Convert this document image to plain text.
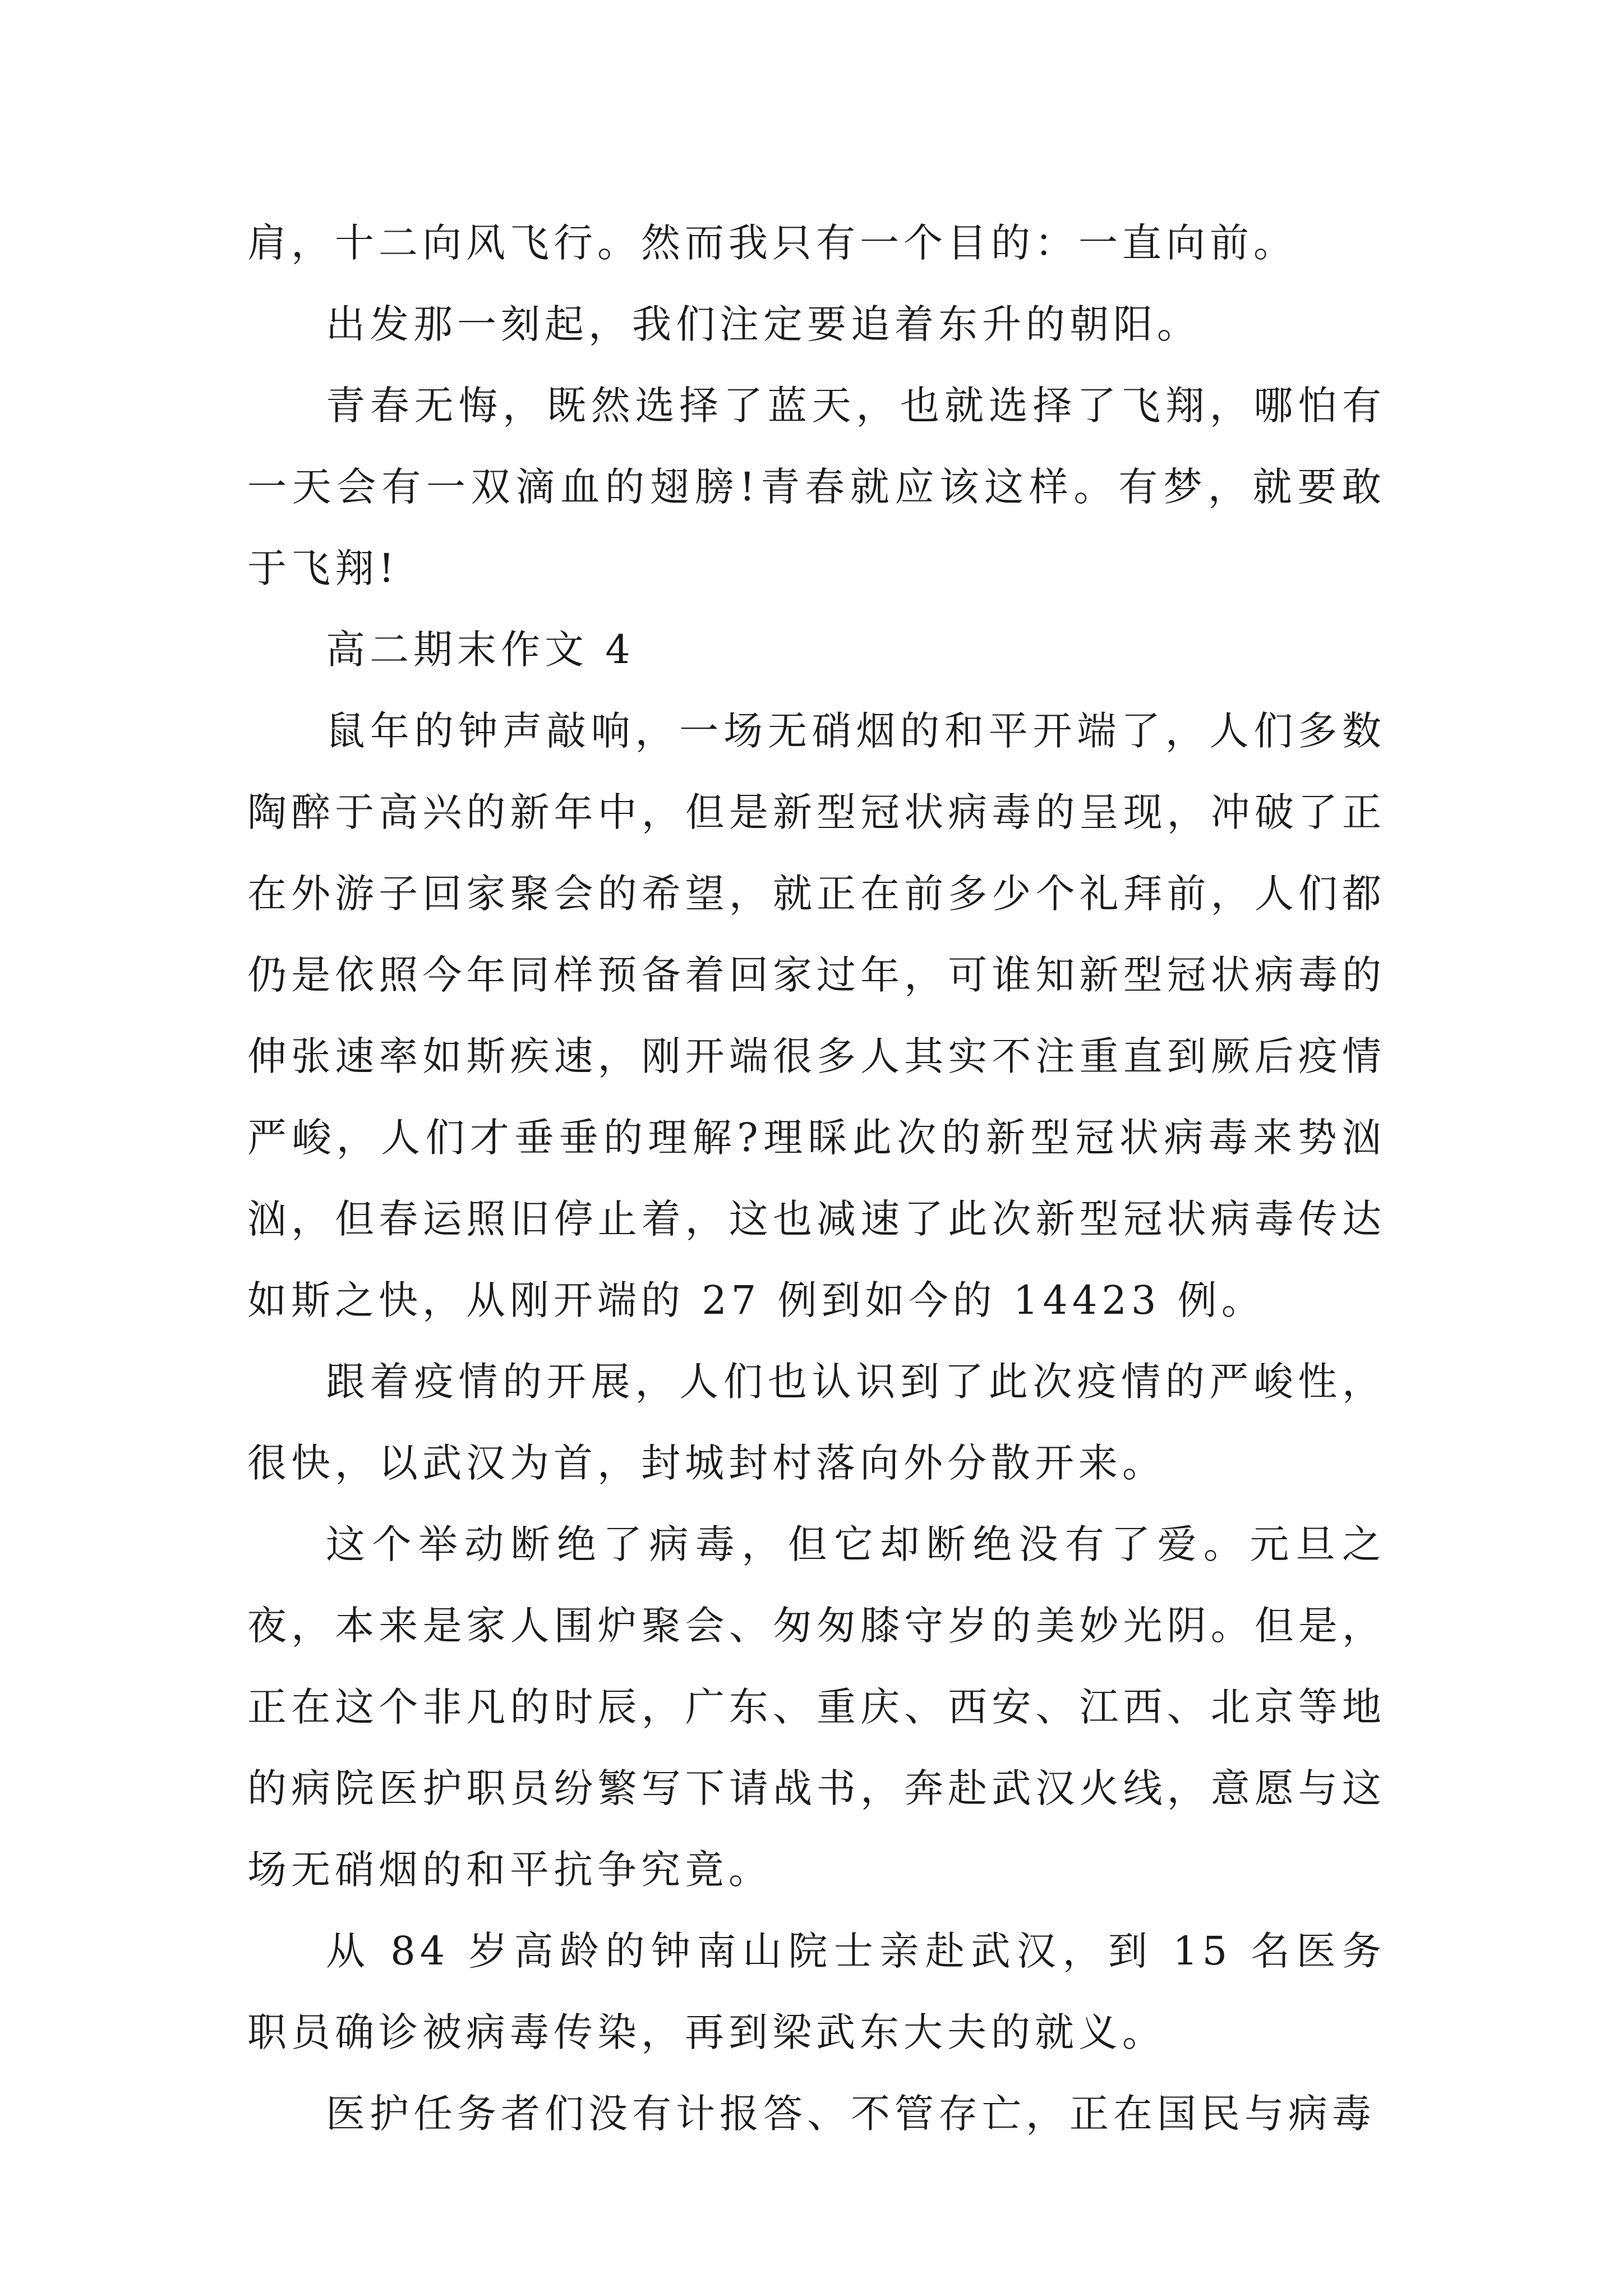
肩，十二向风飞行。然而我只有一个目的：一直向前。

出发那一刻起，我们注定要追着东升的朝阳。

青春无悔，既然选择了蓝天，也就选择了飞翔，哪怕有一天会有一双滴血的翅膀!青春就应该这样。有梦，就要敢于飞翔!

高二期末作文 4

鼠年的钟声敲响，一场无硝烟的和平开端了，人们多数陶醉于高兴的新年中，但是新型冠状病毒的呈现，冲破了正在外游子回家聚会的希望，就正在前多少个礼拜前，人们都仍是依照今年同样预备着回家过年，可谁知新型冠状病毒的伸张速率如斯疾速，刚开端很多人其实不注重直到厥后疫情严峻，人们才垂垂的理解?理睬此次的新型冠状病毒来势汹汹，但春运照旧停止着，这也减速了此次新型冠状病毒传达如斯之快，从刚开端的 27 例到如今的 14423 例。

跟着疫情的开展，人们也认识到了此次疫情的严峻性，很快，以武汉为首，封城封村落向外分散开来。

这个举动断绝了病毒，但它却断绝没有了爱。元旦之夜，本来是家人围炉聚会、匆匆膝守岁的美妙光阴。但是，正在这个非凡的时辰，广东、重庆、西安、江西、北京等地的病院医护职员纷繁写下请战书，奔赴武汉火线，意愿与这场无硝烟的和平抗争究竟。

从 84 岁高龄的钟南山院士亲赴武汉，到 15 名医务职员确诊被病毒传染，再到梁武东大夫的就义。

医护任务者们没有计报答、不管存亡，正在国民与病毒
